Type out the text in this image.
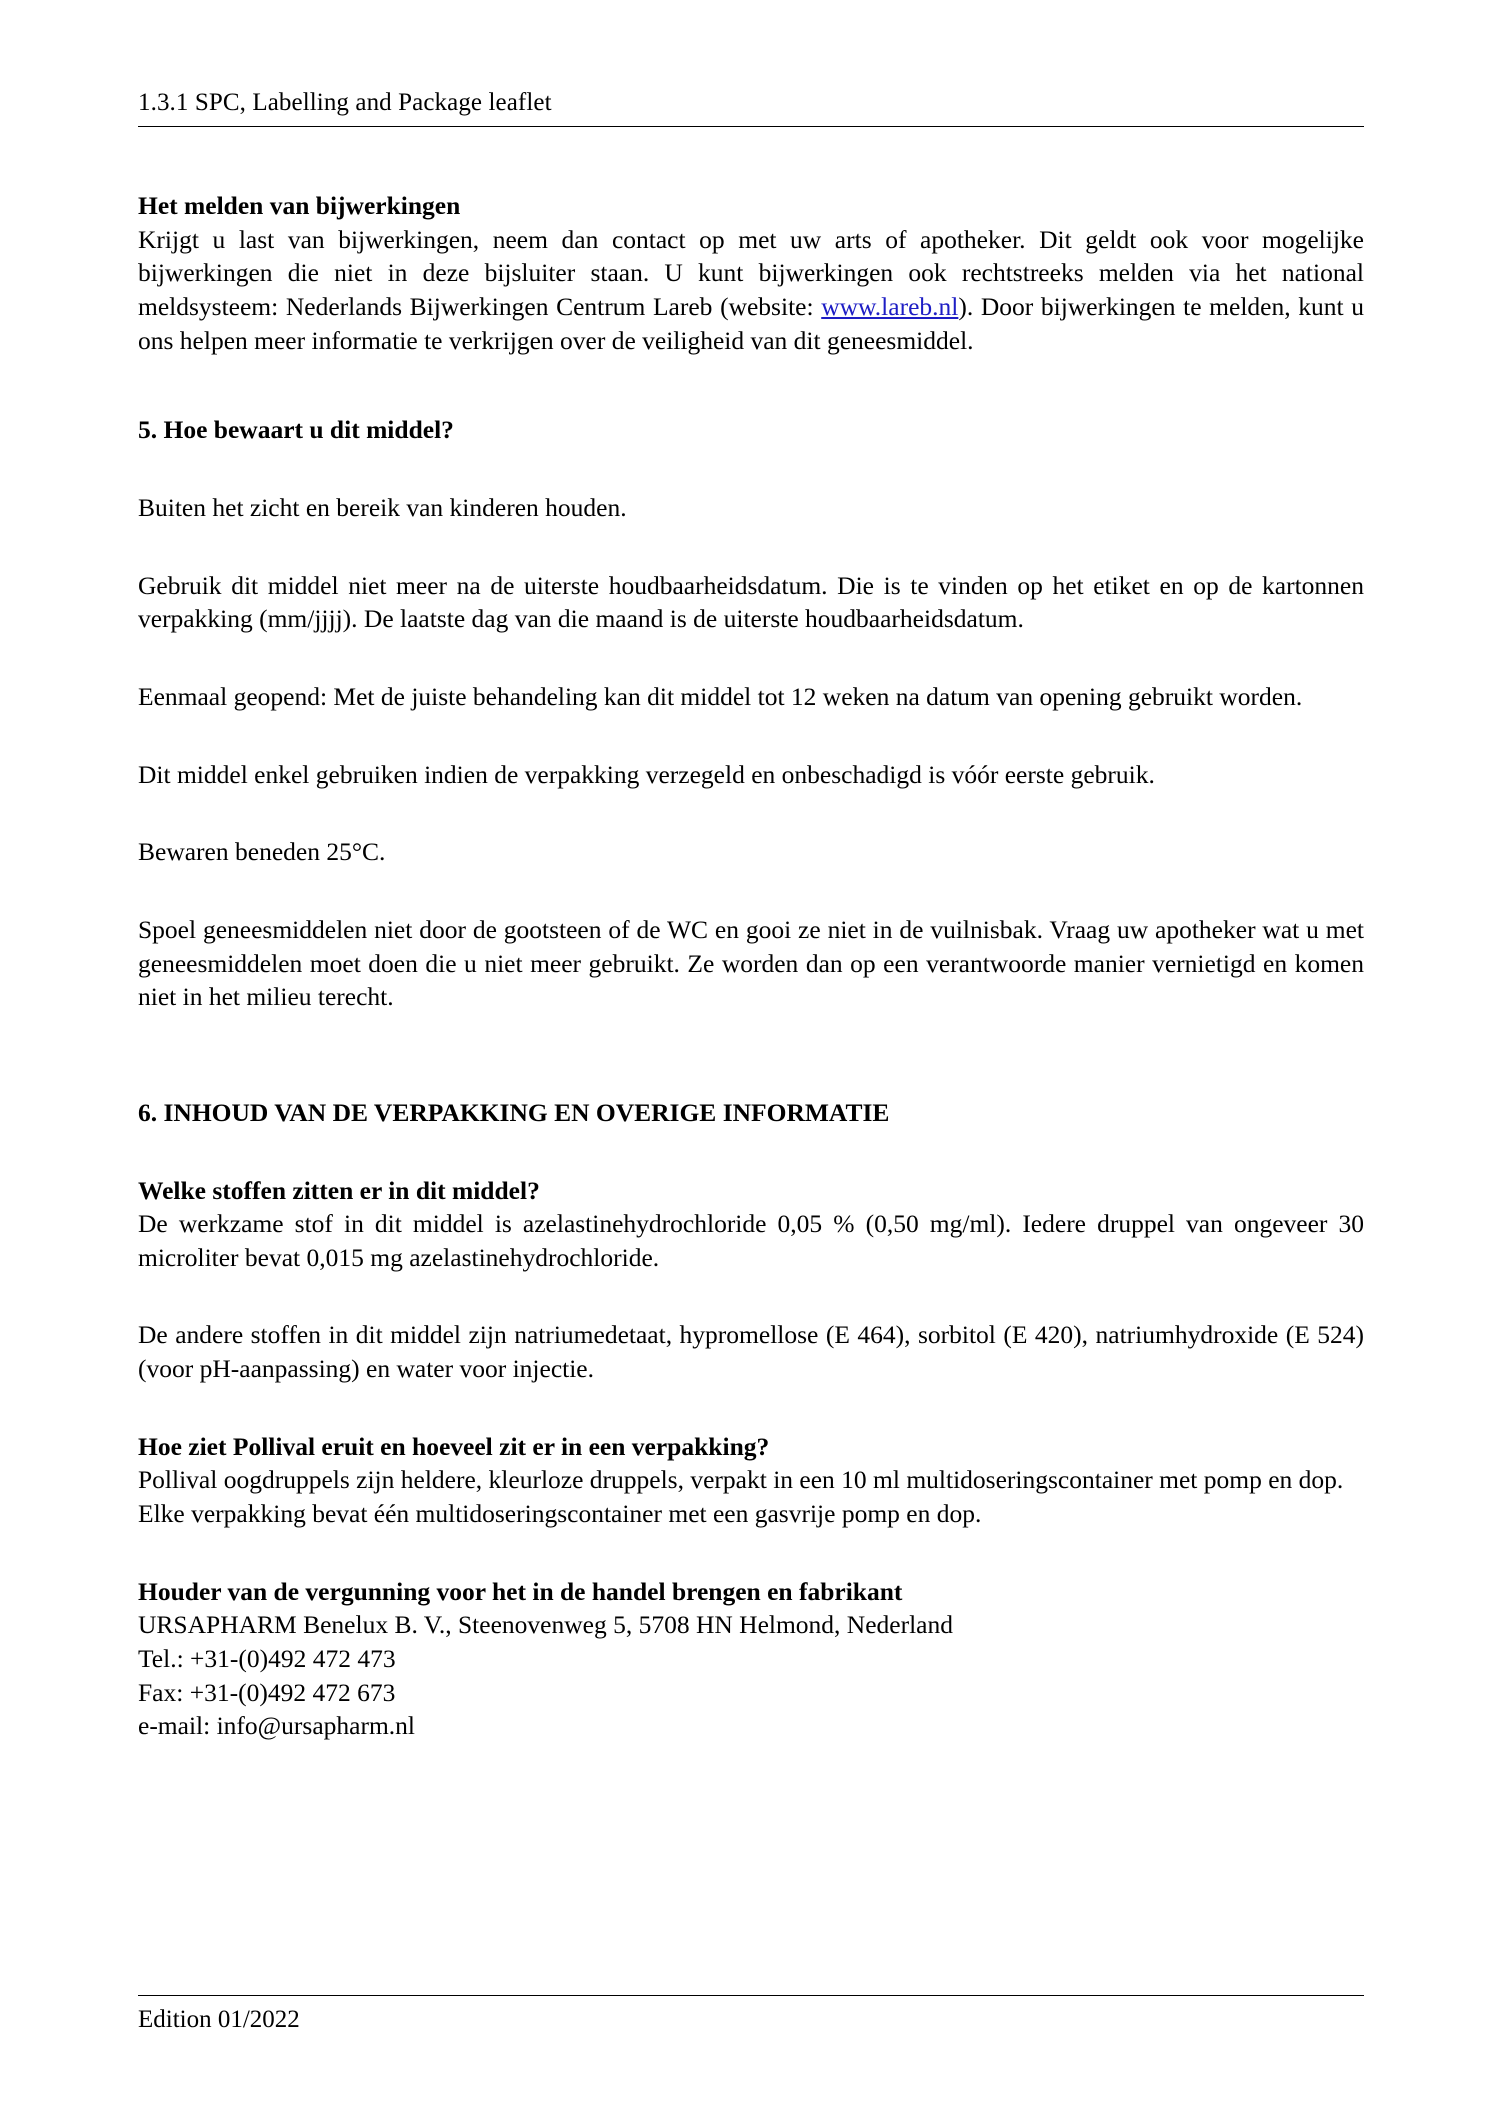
1.3.1 SPC, Labelling and Package leaflet

Het melden van bijwerkingen

Krijgt u last van bijwerkingen, neem dan contact op met uw arts of apotheker. Dit geldt ook voor mogelijke bijwerkingen die niet in deze bijsluiter staan. U kunt bijwerkingen ook rechtstreeks melden via het national meldsysteem: Nederlands Bijwerkingen Centrum Lareb (website: www.lareb.nl). Door bijwerkingen te melden, kunt u ons helpen meer informatie te verkrijgen over de veiligheid van dit geneesmiddel.

5. Hoe bewaart u dit middel?

Buiten het zicht en bereik van kinderen houden.

Gebruik dit middel niet meer na de uiterste houdbaarheidsdatum. Die is te vinden op het etiket en op de kartonnen verpakking (mm/jjjj). De laatste dag van die maand is de uiterste houdbaarheidsdatum.

Eenmaal geopend: Met de juiste behandeling kan dit middel tot 12 weken na datum van opening gebruikt worden.

Dit middel enkel gebruiken indien de verpakking verzegeld en onbeschadigd is vóór eerste gebruik.

Bewaren beneden 25°C.

Spoel geneesmiddelen niet door de gootsteen of de WC en gooi ze niet in de vuilnisbak. Vraag uw apotheker wat u met geneesmiddelen moet doen die u niet meer gebruikt. Ze worden dan op een verantwoorde manier vernietigd en komen niet in het milieu terecht.

6. INHOUD VAN DE VERPAKKING EN OVERIGE INFORMATIE

Welke stoffen zitten er in dit middel?

De werkzame stof in dit middel is azelastinehydrochloride 0,05 % (0,50 mg/ml). Iedere druppel van ongeveer 30 microliter bevat 0,015 mg azelastinehydrochloride.

De andere stoffen in dit middel zijn natriumedetaat, hypromellose (E 464), sorbitol (E 420), natriumhydroxide (E 524) (voor pH-aanpassing) en water voor injectie.

Hoe ziet Pollival eruit en hoeveel zit er in een verpakking?

Pollival oogdruppels zijn heldere, kleurloze druppels, verpakt in een 10 ml multidoseringscontainer met pomp en dop.

Elke verpakking bevat één multidoseringscontainer met een gasvrije pomp en dop.

Houder van de vergunning voor het in de handel brengen en fabrikant

URSAPHARM Benelux B. V., Steenovenweg 5, 5708 HN Helmond, Nederland

Tel.: +31-(0)492 472 473

Fax: +31-(0)492 472 673

e-mail: info@ursapharm.nl

Edition 01/2022
